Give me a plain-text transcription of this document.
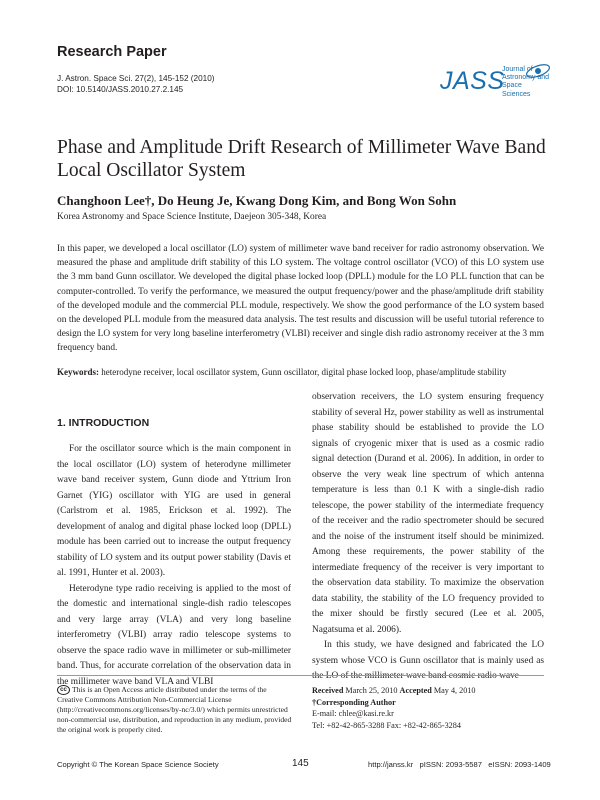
Research Paper
J. Astron. Space Sci. 27(2), 145-152 (2010)
DOI: 10.5140/JASS.2010.27.2.145	JASS
Journal of
Astronomy and
Space Sciences
Phase and Amplitude Drift Research of Millimeter Wave Band Local Oscillator System
Changhoon Lee†, Do Heung Je, Kwang Dong Kim, and Bong Won Sohn
Korea Astronomy and Space Science Institute, Daejeon 305-348, Korea
In this paper, we developed a local oscillator (LO) system of millimeter wave band receiver for radio astronomy observation. We measured the phase and amplitude drift stability of this LO system. The voltage control oscillator (VCO) of this LO system use the 3 mm band Gunn oscillator. We developed the digital phase locked loop (DPLL) module for the LO PLL function that can be computer-controlled. To verify the performance, we measured the output frequency/power and the phase/amplitude drift stability of the developed module and the commercial PLL module, respectively. We show the good performance of the LO system based on the developed PLL module from the measured data analysis. The test results and discussion will be useful tutorial reference to design the LO system for very long baseline interferometry (VLBI) receiver and single dish radio astronomy receiver at the 3 mm frequency band.
Keywords: heterodyne receiver, local oscillator system, Gunn oscillator, digital phase locked loop, phase/amplitude stability
1. INTRODUCTION

For the oscillator source which is the main component in the local oscillator (LO) system of heterodyne millimeter wave band receiver system, Gunn diode and Yttrium Iron Garnet (YIG) oscillator with YIG are used in general (Carlstrom et al. 1985, Erickson et al. 1992). The development of analog and digital phase locked loop (DPLL) module has been carried out to increase the output frequency stability of LO system and its output power stability (Davis et al. 1991, Hunter et al. 2003).

Heterodyne type radio receiving is applied to the most of the domestic and international single-dish radio telescopes and very large array (VLA) and very long baseline interferometry (VLBI) array radio telescope systems to observe the space radio wave in millimeter or sub-millimeter band. Thus, for accurate correlation of the observation data in the millimeter wave band VLA and VLBI

observation receivers, the LO system ensuring frequency stability of several Hz, power stability as well as instrumental phase stability should be established to provide the LO signals of cryogenic mixer that is used as a cosmic radio signal detection (Durand et al. 2006). In addition, in order to observe the very weak line spectrum of which antenna temperature is less than 0.1 K with a single-dish radio telescope, the power stability of the intermediate frequency of the receiver and the radio spectrometer should be secured and the noise of the instrument itself should be minimized. Among these requirements, the power stability of the intermediate frequency of the receiver is very important to the observation data stability. To maximize the observation data stability, the stability of the LO frequency provided to the mixer should be firstly secured (Lee et al. 2005, Nagatsuma et al. 2006).

In this study, we have designed and fabricated the LO system whose VCO is Gunn oscillator that is mainly used as the LO of the millimeter wave band cosmic radio wave

cc This is an Open Access article distributed under the terms of the Creative Commons Attribution Non-Commercial License (http://creativecommons.org/licenses/by-nc/3.0/) which permits unrestricted non-commercial use, distribution, and reproduction in any medium, provided the original work is properly cited.
Received March 25, 2010 Accepted May 4, 2010
†Corresponding Author
E-mail: chlee@kasi.re.kr
Tel: +82-42-865-3288 Fax: +82-42-865-3284
Copyright © The Korean Space Science Society	145	http://janss.kr   pISSN: 2093-5587   eISSN: 2093-1409
